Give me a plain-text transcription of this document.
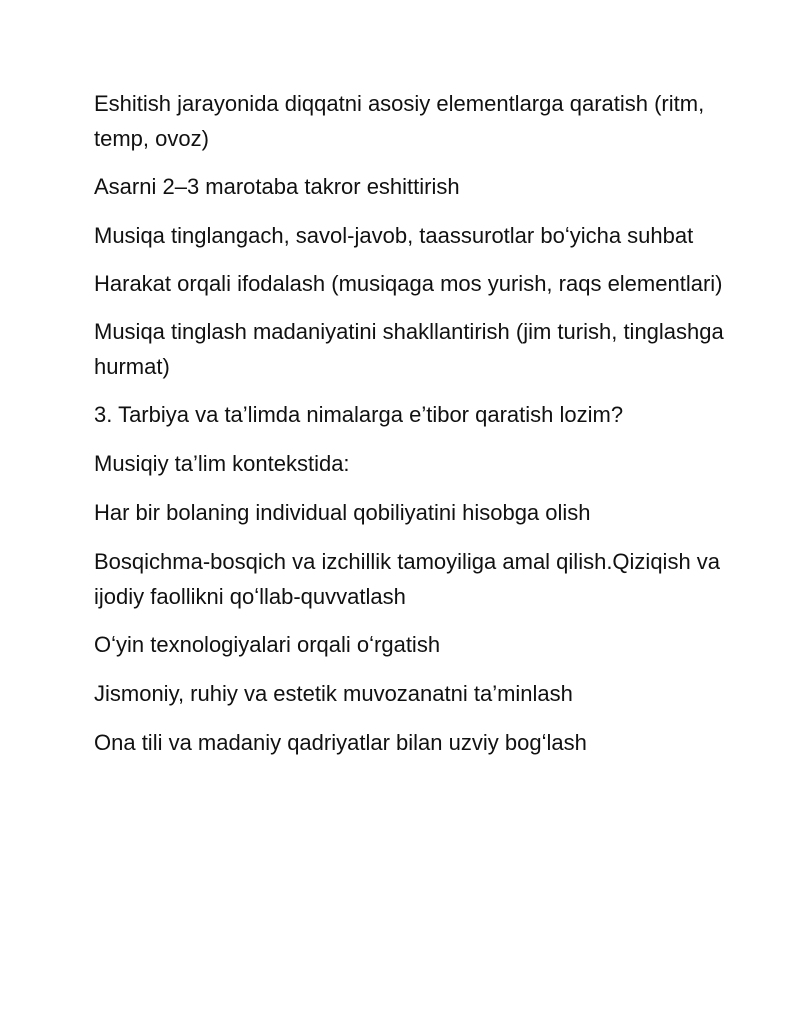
Eshitish jarayonida diqqatni asosiy elementlarga qaratish (ritm, temp, ovoz)

Asarni 2–3 marotaba takror eshittirish

Musiqa tinglangach, savol-javob, taassurotlar boʻyicha suhbat

Harakat orqali ifodalash (musiqaga mos yurish, raqs elementlari)

Musiqa tinglash madaniyatini shakllantirish (jim turish, tinglashga hurmat)

3. Tarbiya va ta’limda nimalarga e’tibor qaratish lozim?

Musiqiy ta’lim kontekstida:

Har bir bolaning individual qobiliyatini hisobga olish

Bosqichma-bosqich va izchillik tamoyiliga amal qilish.Qiziqish va ijodiy faollikni qoʻllab-quvvatlash

Oʻyin texnologiyalari orqali oʻrgatish

Jismoniy, ruhiy va estetik muvozanatni ta’minlash

Ona tili va madaniy qadriyatlar bilan uzviy bogʻlash
